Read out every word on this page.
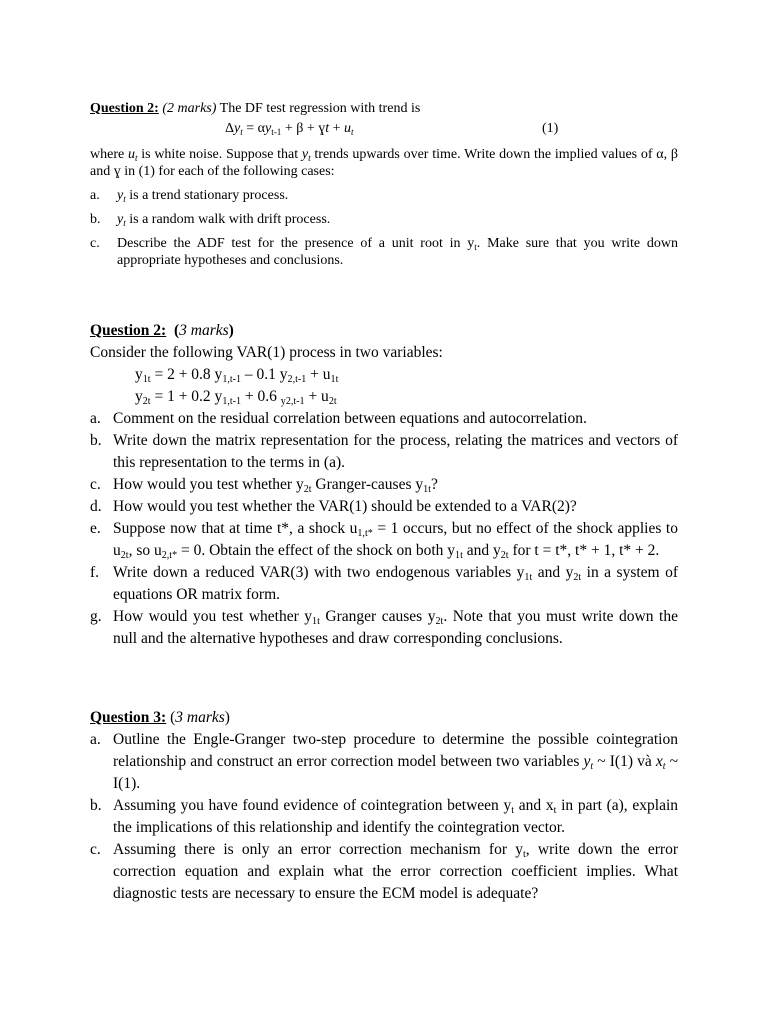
Question 2: (2 marks) The DF test regression with trend is

$\Delta y_t = \alpha y_{t-1} + \beta$ + ɣt + $u_t$	(1)

where $u_t$ is white noise. Suppose that $y_t$ trends upwards over time. Write down the implied values of α, β and ɣ in (1) for each of the following cases:

a. $y_t$ is a trend stationary process.
b. $y_t$ is a random walk with drift process.
c. Describe the ADF test for the presence of a unit root in $y_t$. Make sure that you write down appropriate hypotheses and conclusions.

Question 2: (3 marks)

Consider the following VAR(1) process in two variables:

$y_{1t} = 2 + 0.8$ $y_{1,t-1} - 0.1$ $y_{2,t-1} + u_{1t}$
$y_{2t} = 1 + 0.2$ $y_{1,t-1} + 0.6$ $_{y2,t-1} + u_{2t}$
a. Comment on the residual correlation between equations and autocorrelation.
b. Write down the matrix representation for the process, relating the matrices and vectors of this representation to the terms in (a).
c. How would you test whether $y_{2t}$ Granger-causes $y_{1t}$?
d. How would you test whether the VAR(1) should be extended to a VAR(2)?
e. Suppose now that at time t*, a shock $u_{1,t*} = 1$ occurs, but no effect of the shock applies to $u_{2t}$, so $u_{2,t*} = 0$. Obtain the effect of the shock on both $y_{1t}$ and $y_{2t}$ for t = t*, t* + 1, t* + 2.
f. Write down a reduced VAR(3) with two endogenous variables $y_{1t}$ and $y_{2t}$ in a system of equations OR matrix form.
g. How would you test whether $y_{1t}$ Granger causes $y_{2t}$. Note that you must write down the null and the alternative hypotheses and draw corresponding conclusions.

Question 3: (3 marks)

a. Outline the Engle-Granger two-step procedure to determine the possible cointegration relationship and construct an error correction model between two variables $y_t$ ~ I(1) và $x_t$ ~ I(1).
b. Assuming you have found evidence of cointegration between $y_t$ and $x_t$ in part (a), explain the implications of this relationship and identify the cointegration vector.
c. Assuming there is only an error correction mechanism for $y_t$, write down the error correction equation and explain what the error correction coefficient implies. What diagnostic tests are necessary to ensure the ECM model is adequate?
